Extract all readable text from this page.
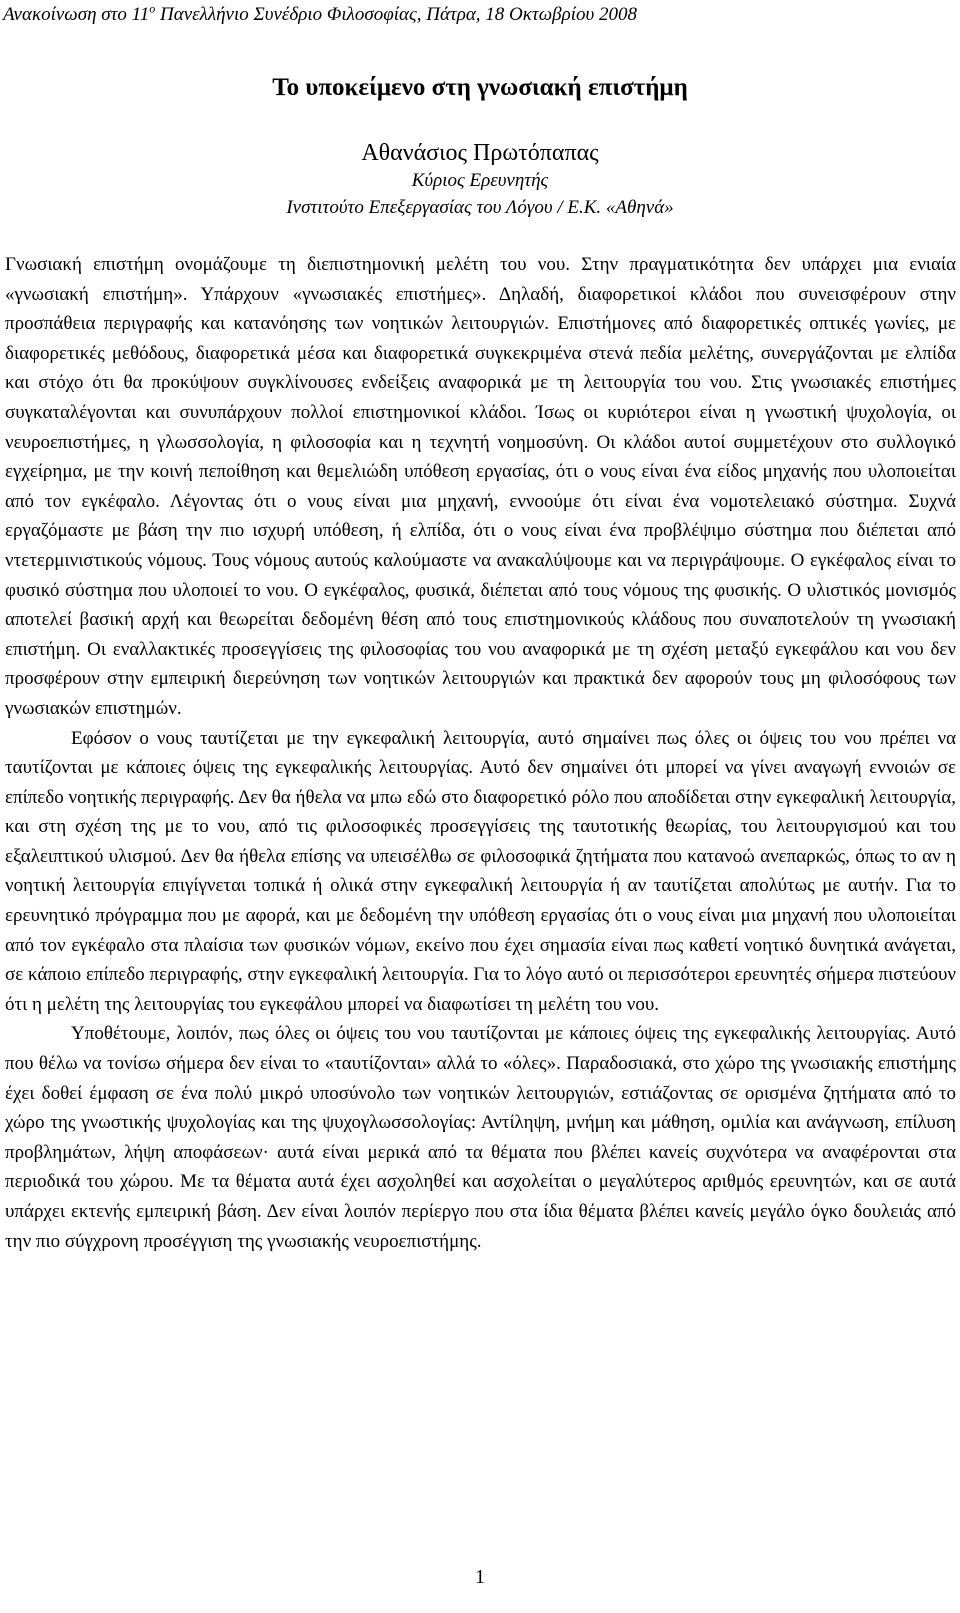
Ανακοίνωση στο $11^o$ Πανελλήνιο Συνέδριο Φιλοσοφίας, Πάτρα, 18 Οκτωβρίου 2008
Το υποκείμενο στη γνωσιακή επιστήμη
Αθανάσιος Πρωτόπαπας
Κύριος Ερευνητής
Ινστιτούτο Επεξεργασίας του Λόγου / Ε.Κ. «Αθηνά»

Γνωσιακή επιστήμη ονομάζουμε τη διεπιστημονική μελέτη του νου. Στην πραγματικότητα δεν υπάρχει μια ενιαία «γνωσιακή επιστήμη». Υπάρχουν «γνωσιακές επιστήμες». Δηλαδή, διαφορετικοί κλάδοι που συνεισφέρουν στην προσπάθεια περιγραφής και κατανόησης των νοητικών λειτουργιών. Επιστήμονες από διαφορετικές οπτικές γωνίες, με διαφορετικές μεθόδους, διαφορετικά μέσα και διαφορετικά συγκεκριμένα στενά πεδία μελέτης, συνεργάζονται με ελπίδα και στόχο ότι θα προκύψουν συγκλίνουσες ενδείξεις αναφορικά με τη λειτουργία του νου. Στις γνωσιακές επιστήμες συγκαταλέγονται και συνυπάρχουν πολλοί επιστημονικοί κλάδοι. Ίσως οι κυριότεροι είναι η γνωστική ψυχολογία, οι νευροεπιστήμες, η γλωσσολογία, η φιλοσοφία και η τεχνητή νοημοσύνη. Οι κλάδοι αυτοί συμμετέχουν στο συλλογικό εγχείρημα, με την κοινή πεποίθηση και θεμελιώδη υπόθεση εργασίας, ότι ο νους είναι ένα είδος μηχανής που υλοποιείται από τον εγκέφαλο. Λέγοντας ότι ο νους είναι μια μηχανή, εννοούμε ότι είναι ένα νομοτελειακό σύστημα. Συχνά εργαζόμαστε με βάση την πιο ισχυρή υπόθεση, ή ελπίδα, ότι ο νους είναι ένα προβλέψιμο σύστημα που διέπεται από ντετερμινιστικούς νόμους. Τους νόμους αυτούς καλούμαστε να ανακαλύψουμε και να περιγράψουμε. Ο εγκέφαλος είναι το φυσικό σύστημα που υλοποιεί το νου. Ο εγκέφαλος, φυσικά, διέπεται από τους νόμους της φυσικής. Ο υλιστικός μονισμός αποτελεί βασική αρχή και θεωρείται δεδομένη θέση από τους επιστημονικούς κλάδους που συναποτελούν τη γνωσιακή επιστήμη. Οι εναλλακτικές προσεγγίσεις της φιλοσοφίας του νου αναφορικά με τη σχέση μεταξύ εγκεφάλου και νου δεν προσφέρουν στην εμπειρική διερεύνηση των νοητικών λειτουργιών και πρακτικά δεν αφορούν τους μη φιλοσόφους των γνωσιακών επιστημών.

Εφόσον ο νους ταυτίζεται με την εγκεφαλική λειτουργία, αυτό σημαίνει πως όλες οι όψεις του νου πρέπει να ταυτίζονται με κάποιες όψεις της εγκεφαλικής λειτουργίας. Αυτό δεν σημαίνει ότι μπορεί να γίνει αναγωγή εννοιών σε επίπεδο νοητικής περιγραφής. Δεν θα ήθελα να μπω εδώ στο διαφορετικό ρόλο που αποδίδεται στην εγκεφαλική λειτουργία, και στη σχέση της με το νου, από τις φιλοσοφικές προσεγγίσεις της ταυτοτικής θεωρίας, του λειτουργισμού και του εξαλειπτικού υλισμού. Δεν θα ήθελα επίσης να υπεισέλθω σε φιλοσοφικά ζητήματα που κατανοώ ανεπαρκώς, όπως το αν η νοητική λειτουργία επιγίγνεται τοπικά ή ολικά στην εγκεφαλική λειτουργία ή αν ταυτίζεται απολύτως με αυτήν. Για το ερευνητικό πρόγραμμα που με αφορά, και με δεδομένη την υπόθεση εργασίας ότι ο νους είναι μια μηχανή που υλοποιείται από τον εγκέφαλο στα πλαίσια των φυσικών νόμων, εκείνο που έχει σημασία είναι πως καθετί νοητικό δυνητικά ανάγεται, σε κάποιο επίπεδο περιγραφής, στην εγκεφαλική λειτουργία. Για το λόγο αυτό οι περισσότεροι ερευνητές σήμερα πιστεύουν ότι η μελέτη της λειτουργίας του εγκεφάλου μπορεί να διαφωτίσει τη μελέτη του νου.

Υποθέτουμε, λοιπόν, πως όλες οι όψεις του νου ταυτίζονται με κάποιες όψεις της εγκεφαλικής λειτουργίας. Αυτό που θέλω να τονίσω σήμερα δεν είναι το «ταυτίζονται» αλλά το «όλες». Παραδοσιακά, στο χώρο της γνωσιακής επιστήμης έχει δοθεί έμφαση σε ένα πολύ μικρό υποσύνολο των νοητικών λειτουργιών, εστιάζοντας σε ορισμένα ζητήματα από το χώρο της γνωστικής ψυχολογίας και της ψυχογλωσσολογίας: Αντίληψη, μνήμη και μάθηση, ομιλία και ανάγνωση, επίλυση προβλημάτων, λήψη αποφάσεων· αυτά είναι μερικά από τα θέματα που βλέπει κανείς συχνότερα να αναφέρονται στα περιοδικά του χώρου. Με τα θέματα αυτά έχει ασχοληθεί και ασχολείται ο μεγαλύτερος αριθμός ερευνητών, και σε αυτά υπάρχει εκτενής εμπειρική βάση. Δεν είναι λοιπόν περίεργο που στα ίδια θέματα βλέπει κανείς μεγάλο όγκο δουλειάς από την πιο σύγχρονη προσέγγιση της γνωσιακής νευροεπιστήμης.

1
